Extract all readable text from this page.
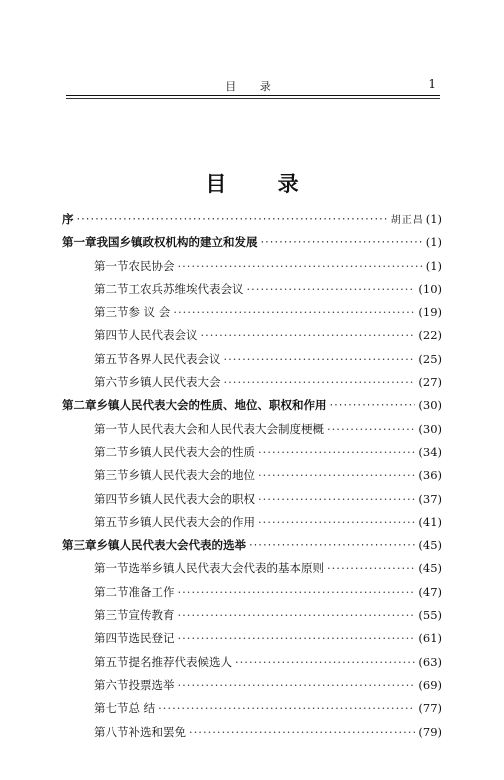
目 录	1
目 录
序 ·····	胡正昌 (1)
第一章 我国乡镇政权机构的建立和发展 ·····	(1)
第一节 农民协会 ·····	(1)
第二节 工农兵苏维埃代表会议 ·····	(10)
第三节 参 议 会 ·····	(19)
第四节 人民代表会议 ·····	(22)
第五节 各界人民代表会议 ·····	(25)
第六节 乡镇人民代表大会 ·····	(27)
第二章 乡镇人民代表大会的性质、地位、职权和作用 ·····	(30)
第一节 人民代表大会和人民代表大会制度梗概 ·····	(30)
第二节 乡镇人民代表大会的性质 ·····	(34)
第三节 乡镇人民代表大会的地位 ·····	(36)
第四节 乡镇人民代表大会的职权 ·····	(37)
第五节 乡镇人民代表大会的作用 ·····	(41)
第三章 乡镇人民代表大会代表的选举 ·····	(45)
第一节 选举乡镇人民代表大会代表的基本原则 ·····	(45)
第二节 准备工作 ·····	(47)
第三节 宣传教育 ·····	(55)
第四节 选民登记 ·····	(61)
第五节 提名推荐代表候选人 ·····	(63)
第六节 投票选举 ·····	(69)
第七节 总 结 ·····	(77)
第八节 补选和罢免 ·····	(79)
